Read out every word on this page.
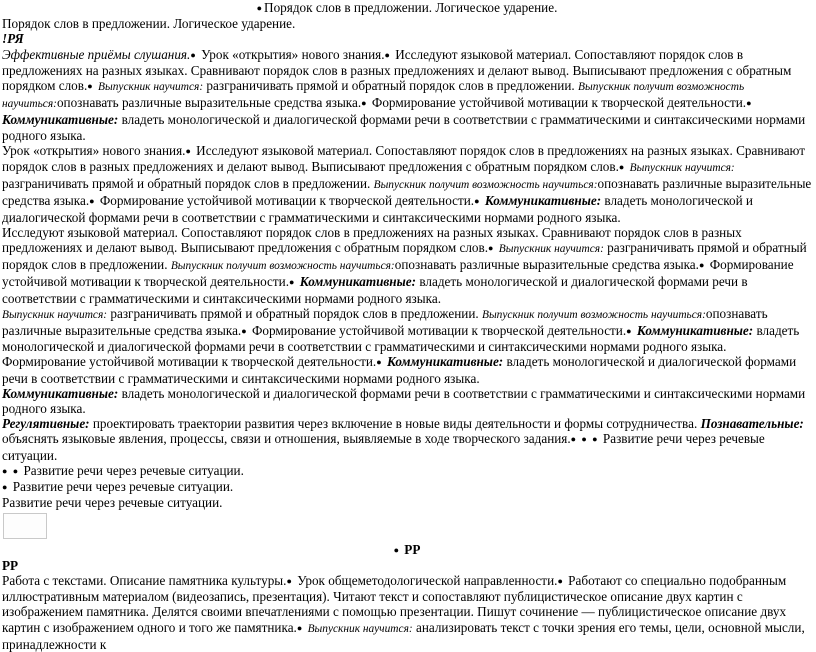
● Порядок слов в предложении. Логическое ударение.

Порядок слов в предложении. Логическое ударение.

!РЯ

Эффективные приёмы слушания. ● Урок «открытия» нового знания. ● Исследуют языковой материал. Сопоставляют порядок слов в предложениях на разных языках. Сравнивают порядок слов в разных предложениях и делают вывод. Выписывают предложения с обратным порядком слов. ● Выпускник научится: разграничивать прямой и обратный порядок слов в предложении. Выпускник получит возможность научиться:опознавать различные выразительные средства языка. ● Формирование устойчивой мотивации к творческой деятельности.● Коммуникативные: владеть монологической и диалогической формами речи в соответствии с грамматическими и синтаксическими нормами родного языка.

Урок «открытия» нового знания. ● Исследуют языковой материал. Сопоставляют порядок слов в предложениях на разных языках. Сравнивают порядок слов в разных предложениях и делают вывод. Выписывают предложения с обратным порядком слов. ● Выпускник научится: разграничивать прямой и обратный порядок слов в предложении. Выпускник получит возможность научиться:опознавать различные выразительные средства языка. ● Формирование устойчивой мотивации к творческой деятельности. ● Коммуникативные: владеть монологической и диалогической формами речи в соответствии с грамматическими и синтаксическими нормами родного языка.

Исследуют языковой материал. Сопоставляют порядок слов в предложениях на разных языках. Сравнивают порядок слов в разных предложениях и делают вывод. Выписывают предложения с обратным порядком слов. ● Выпускник научится: разграничивать прямой и обратный порядок слов в предложении. Выпускник получит возможность научиться:опознавать различные выразительные средства языка.● Формирование устойчивой мотивации к творческой деятельности. ● Коммуникативные: владеть монологической и диалогической формами речи в соответствии с грамматическими и синтаксическими нормами родного языка.

Выпускник научится: разграничивать прямой и обратный порядок слов в предложении. Выпускник получит возможность научиться:опознавать различные выразительные средства языка. ● Формирование устойчивой мотивации к творческой деятельности. ● Коммуникативные: владеть монологической и диалогической формами речи в соответствии с грамматическими и синтаксическими нормами родного языка.

Формирование устойчивой мотивации к творческой деятельности. ● Коммуникативные: владеть монологической и диалогической формами речи в соответствии с грамматическими и синтаксическими нормами родного языка.

Коммуникативные: владеть монологической и диалогической формами речи в соответствии с грамматическими и синтаксическими нормами родного языка.

Регулятивные: проектировать траектории развития через включение в новые виды деятельности и формы сотрудничества. Познавательные: объяснять языковые явления, процессы, связи и отношения, выявляемые в ходе творческого задания. ● ● ● Развитие речи через речевые ситуации.

● ● Развитие речи через речевые ситуации.

● Развитие речи через речевые ситуации.

Развитие речи через речевые ситуации.

● РР

РР

Работа с текстами. Описание памятника культуры. ● Урок общеметодологической направленности. ● Работают со специально подобранным иллюстративным материалом (видеозапись, презентация). Читают текст и сопоставляют публицистическое описание двух картин с изображением памятника. Делятся своими впечатлениями с помощью презентации. Пишут сочинение — публицистическое описание двух картин с изображением одного и того же памятника. ● Выпускник научится: анализировать текст с точки зрения его темы, цели, основной мысли, принадлежности к
